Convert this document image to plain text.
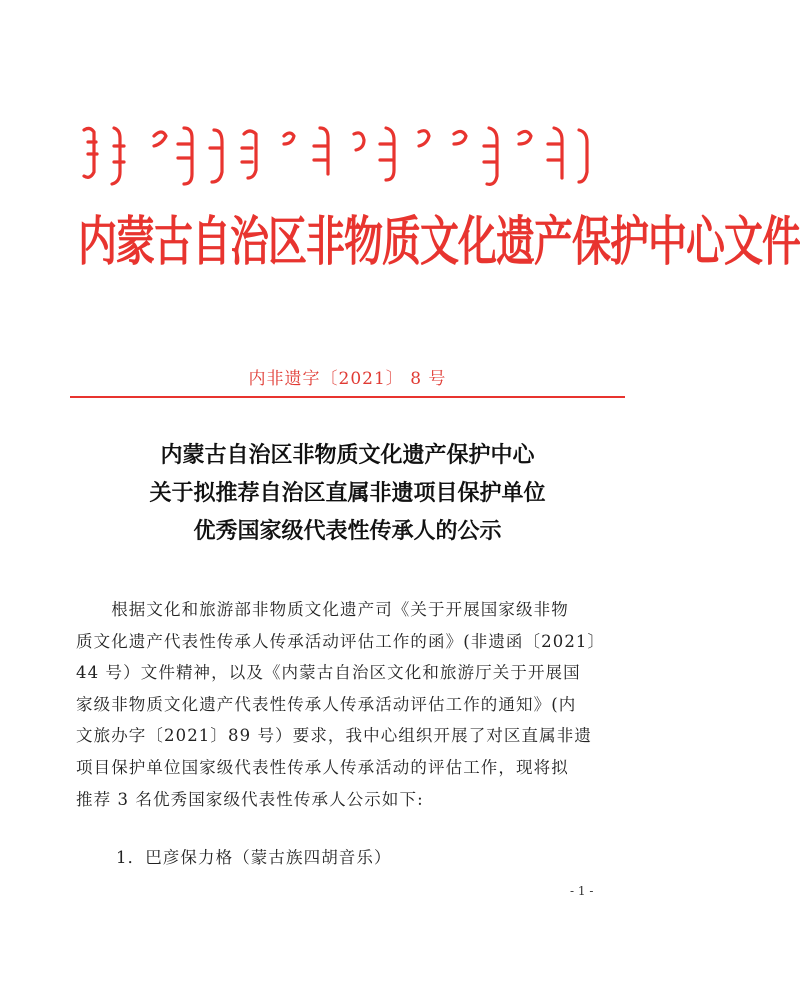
内蒙古自治区非物质文化遗产保护中心文件
内非遗字〔2021〕 8 号
内蒙古自治区非物质文化遗产保护中心
关于拟推荐自治区直属非遗项目保护单位
优秀国家级代表性传承人的公示

　　根据文化和旅游部非物质文化遗产司《关于开展国家级非物

质文化遗产代表性传承人传承活动评估工作的函》(非遗函〔2021〕

44 号）文件精神，以及《内蒙古自治区文化和旅游厅关于开展国

家级非物质文化遗产代表性传承人传承活动评估工作的通知》(内

文旅办字〔2021〕89 号）要求，我中心组织开展了对区直属非遗

项目保护单位国家级代表性传承人传承活动的评估工作，现将拟

推荐 3 名优秀国家级代表性传承人公示如下:

1．巴彦保力格（蒙古族四胡音乐）
- 1 -
